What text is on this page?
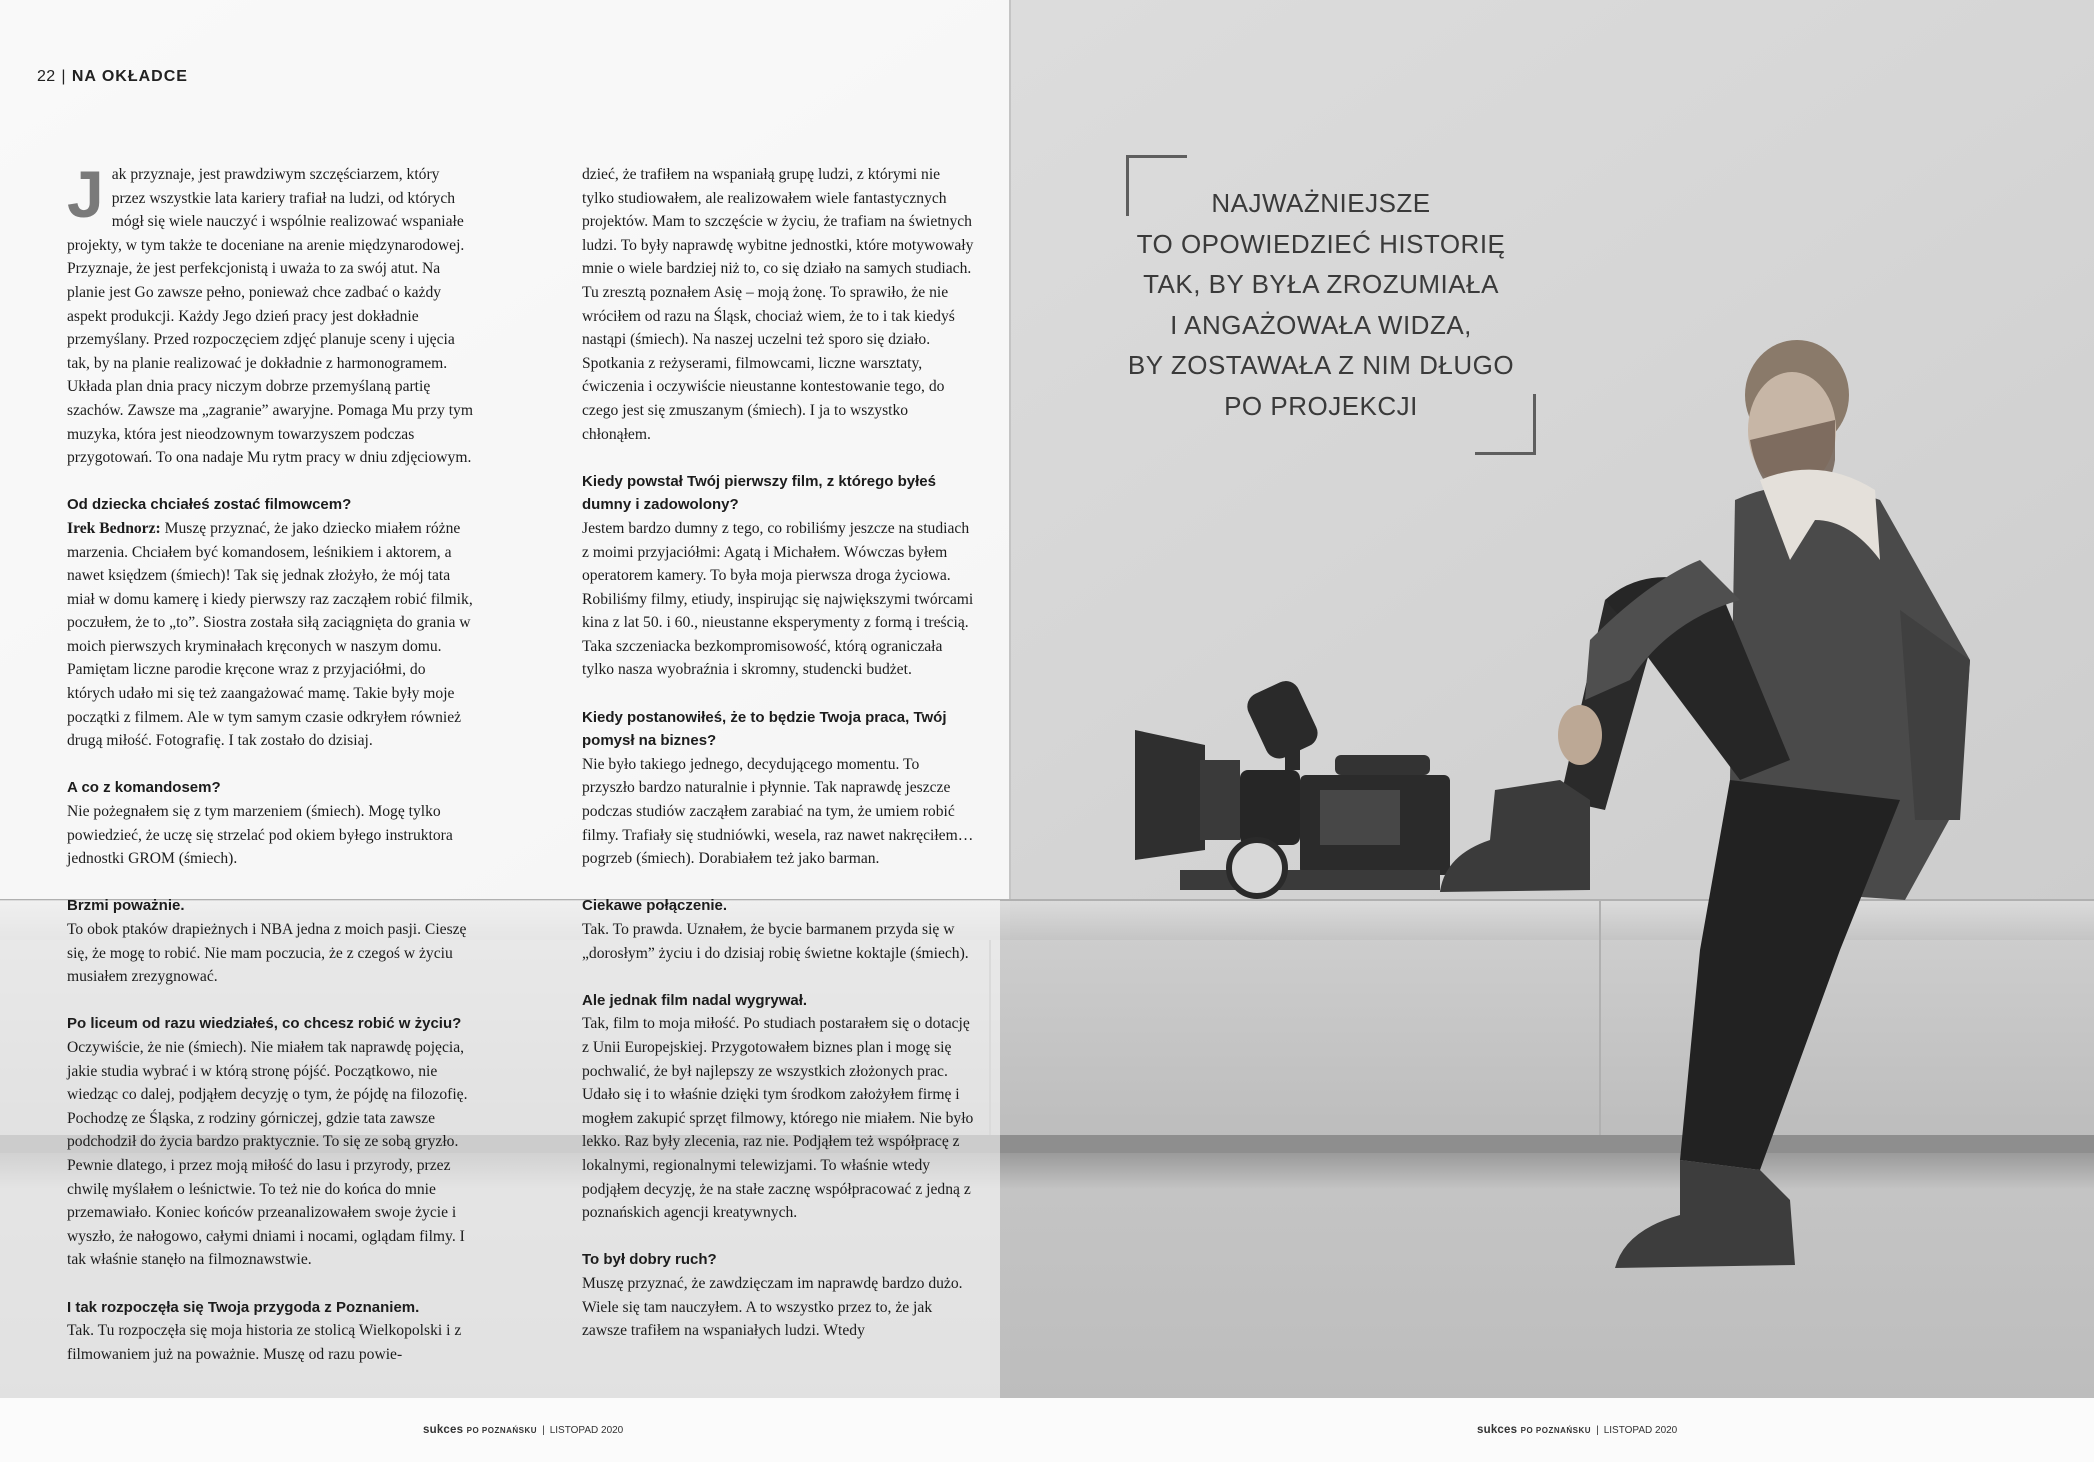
22 | NA OKŁADCE

Jak przyznaje, jest prawdziwym szczęściarzem, który przez wszystkie lata kariery trafiał na ludzi, od których mógł się wiele nauczyć i wspólnie realizować wspaniałe projekty, w tym także te doceniane na arenie międzynarodowej. Przyznaje, że jest perfekcjonistą i uważa to za swój atut. Na planie jest Go zawsze pełno, ponieważ chce zadbać o każdy aspekt produkcji. Każdy Jego dzień pracy jest dokładnie przemyślany. Przed rozpoczęciem zdjęć planuje sceny i ujęcia tak, by na planie realizować je dokładnie z harmonogramem. Układa plan dnia pracy niczym dobrze przemyślaną partię szachów. Zawsze ma „zagranie” awaryjne. Pomaga Mu przy tym muzyka, która jest nieodzownym towarzyszem podczas przygotowań. To ona nadaje Mu rytm pracy w dniu zdjęciowym.

Od dziecka chciałeś zostać filmowcem?
Irek Bednorz: Muszę przyznać, że jako dziecko miałem różne marzenia. Chciałem być komandosem, leśnikiem i aktorem, a nawet księdzem (śmiech)! Tak się jednak złożyło, że mój tata miał w domu kamerę i kiedy pierwszy raz zacząłem robić filmik, poczułem, że to „to”. Siostra została siłą zaciągnięta do grania w moich pierwszych kryminałach kręconych w naszym domu. Pamiętam liczne parodie kręcone wraz z przyjaciółmi, do których udało mi się też zaangażować mamę. Takie były moje początki z filmem. Ale w tym samym czasie odkryłem również drugą miłość. Fotografię. I tak zostało do dzisiaj.

A co z komandosem?
Nie pożegnałem się z tym marzeniem (śmiech). Mogę tylko powiedzieć, że uczę się strzelać pod okiem byłego instruktora jednostki GROM (śmiech).

Brzmi poważnie.
To obok ptaków drapieżnych i NBA jedna z moich pasji. Cieszę się, że mogę to robić. Nie mam poczucia, że z czegoś w życiu musiałem zrezygnować.

Po liceum od razu wiedziałeś, co chcesz robić w życiu?
Oczywiście, że nie (śmiech). Nie miałem tak naprawdę pojęcia, jakie studia wybrać i w którą stronę pójść. Początkowo, nie wiedząc co dalej, podjąłem decyzję o tym, że pójdę na filozofię. Pochodzę ze Śląska, z rodziny górniczej, gdzie tata zawsze podchodził do życia bardzo praktycznie. To się ze sobą gryzło. Pewnie dlatego, i przez moją miłość do lasu i przyrody, przez chwilę myślałem o leśnictwie. To też nie do końca do mnie przemawiało. Koniec końców przeanalizowałem swoje życie i wyszło, że nałogowo, całymi dniami i nocami, oglądam filmy. I tak właśnie stanęło na filmoznawstwie.

I tak rozpoczęła się Twoja przygoda z Poznaniem.
Tak. Tu rozpoczęła się moja historia ze stolicą Wielkopolski i z filmowaniem już na poważnie. Muszę od razu powie-

dzieć, że trafiłem na wspaniałą grupę ludzi, z którymi nie tylko studiowałem, ale realizowałem wiele fantastycznych projektów. Mam to szczęście w życiu, że trafiam na świetnych ludzi. To były naprawdę wybitne jednostki, które motywowały mnie o wiele bardziej niż to, co się działo na samych studiach. Tu zresztą poznałem Asię – moją żonę. To sprawiło, że nie wróciłem od razu na Śląsk, chociaż wiem, że to i tak kiedyś nastąpi (śmiech). Na naszej uczelni też sporo się działo. Spotkania z reżyserami, filmowcami, liczne warsztaty, ćwiczenia i oczywiście nieustanne kontestowanie tego, do czego jest się zmuszanym (śmiech). I ja to wszystko chłonąłem.

Kiedy powstał Twój pierwszy film, z którego byłeś dumny i zadowolony?
Jestem bardzo dumny z tego, co robiliśmy jeszcze na studiach z moimi przyjaciółmi: Agatą i Michałem. Wówczas byłem operatorem kamery. To była moja pierwsza droga życiowa. Robiliśmy filmy, etiudy, inspirując się największymi twórcami kina z lat 50. i 60., nieustanne eksperymenty z formą i treścią. Taka szczeniacka bezkompromisowość, którą ograniczała tylko nasza wyobraźnia i skromny, studencki budżet.

Kiedy postanowiłeś, że to będzie Twoja praca, Twój pomysł na biznes?
Nie było takiego jednego, decydującego momentu. To przyszło bardzo naturalnie i płynnie. Tak naprawdę jeszcze podczas studiów zacząłem zarabiać na tym, że umiem robić filmy. Trafiały się studniówki, wesela, raz nawet nakręciłem… pogrzeb (śmiech). Dorabiałem też jako barman.

Ciekawe połączenie.
Tak. To prawda. Uznałem, że bycie barmanem przyda się w „dorosłym” życiu i do dzisiaj robię świetne koktajle (śmiech).

Ale jednak film nadal wygrywał.
Tak, film to moja miłość. Po studiach postarałem się o dotację z Unii Europejskiej. Przygotowałem biznes plan i mogę się pochwalić, że był najlepszy ze wszystkich złożonych prac. Udało się i to właśnie dzięki tym środkom założyłem firmę i mogłem zakupić sprzęt filmowy, którego nie miałem. Nie było lekko. Raz były zlecenia, raz nie. Podjąłem też współpracę z lokalnymi, regionalnymi telewizjami. To właśnie wtedy podjąłem decyzję, że na stałe zacznę współpracować z jedną z poznańskich agencji kreatywnych.

To był dobry ruch?
Muszę przyznać, że zawdzięczam im naprawdę bardzo dużo. Wiele się tam nauczyłem. A to wszystko przez to, że jak zawsze trafiłem na wspaniałych ludzi. Wtedy

NAJWAŻNIEJSZE
TO OPOWIEDZIEĆ HISTORIĘ
TAK, BY BYŁA ZROZUMIAŁA
I ANGAŻOWAŁA WIDZA,
BY ZOSTAWAŁA Z NIM DŁUGO
PO PROJEKCJI
sukces PO POZNAŃSKU | LISTOPAD 2020	sukces PO POZNAŃSKU | LISTOPAD 2020
